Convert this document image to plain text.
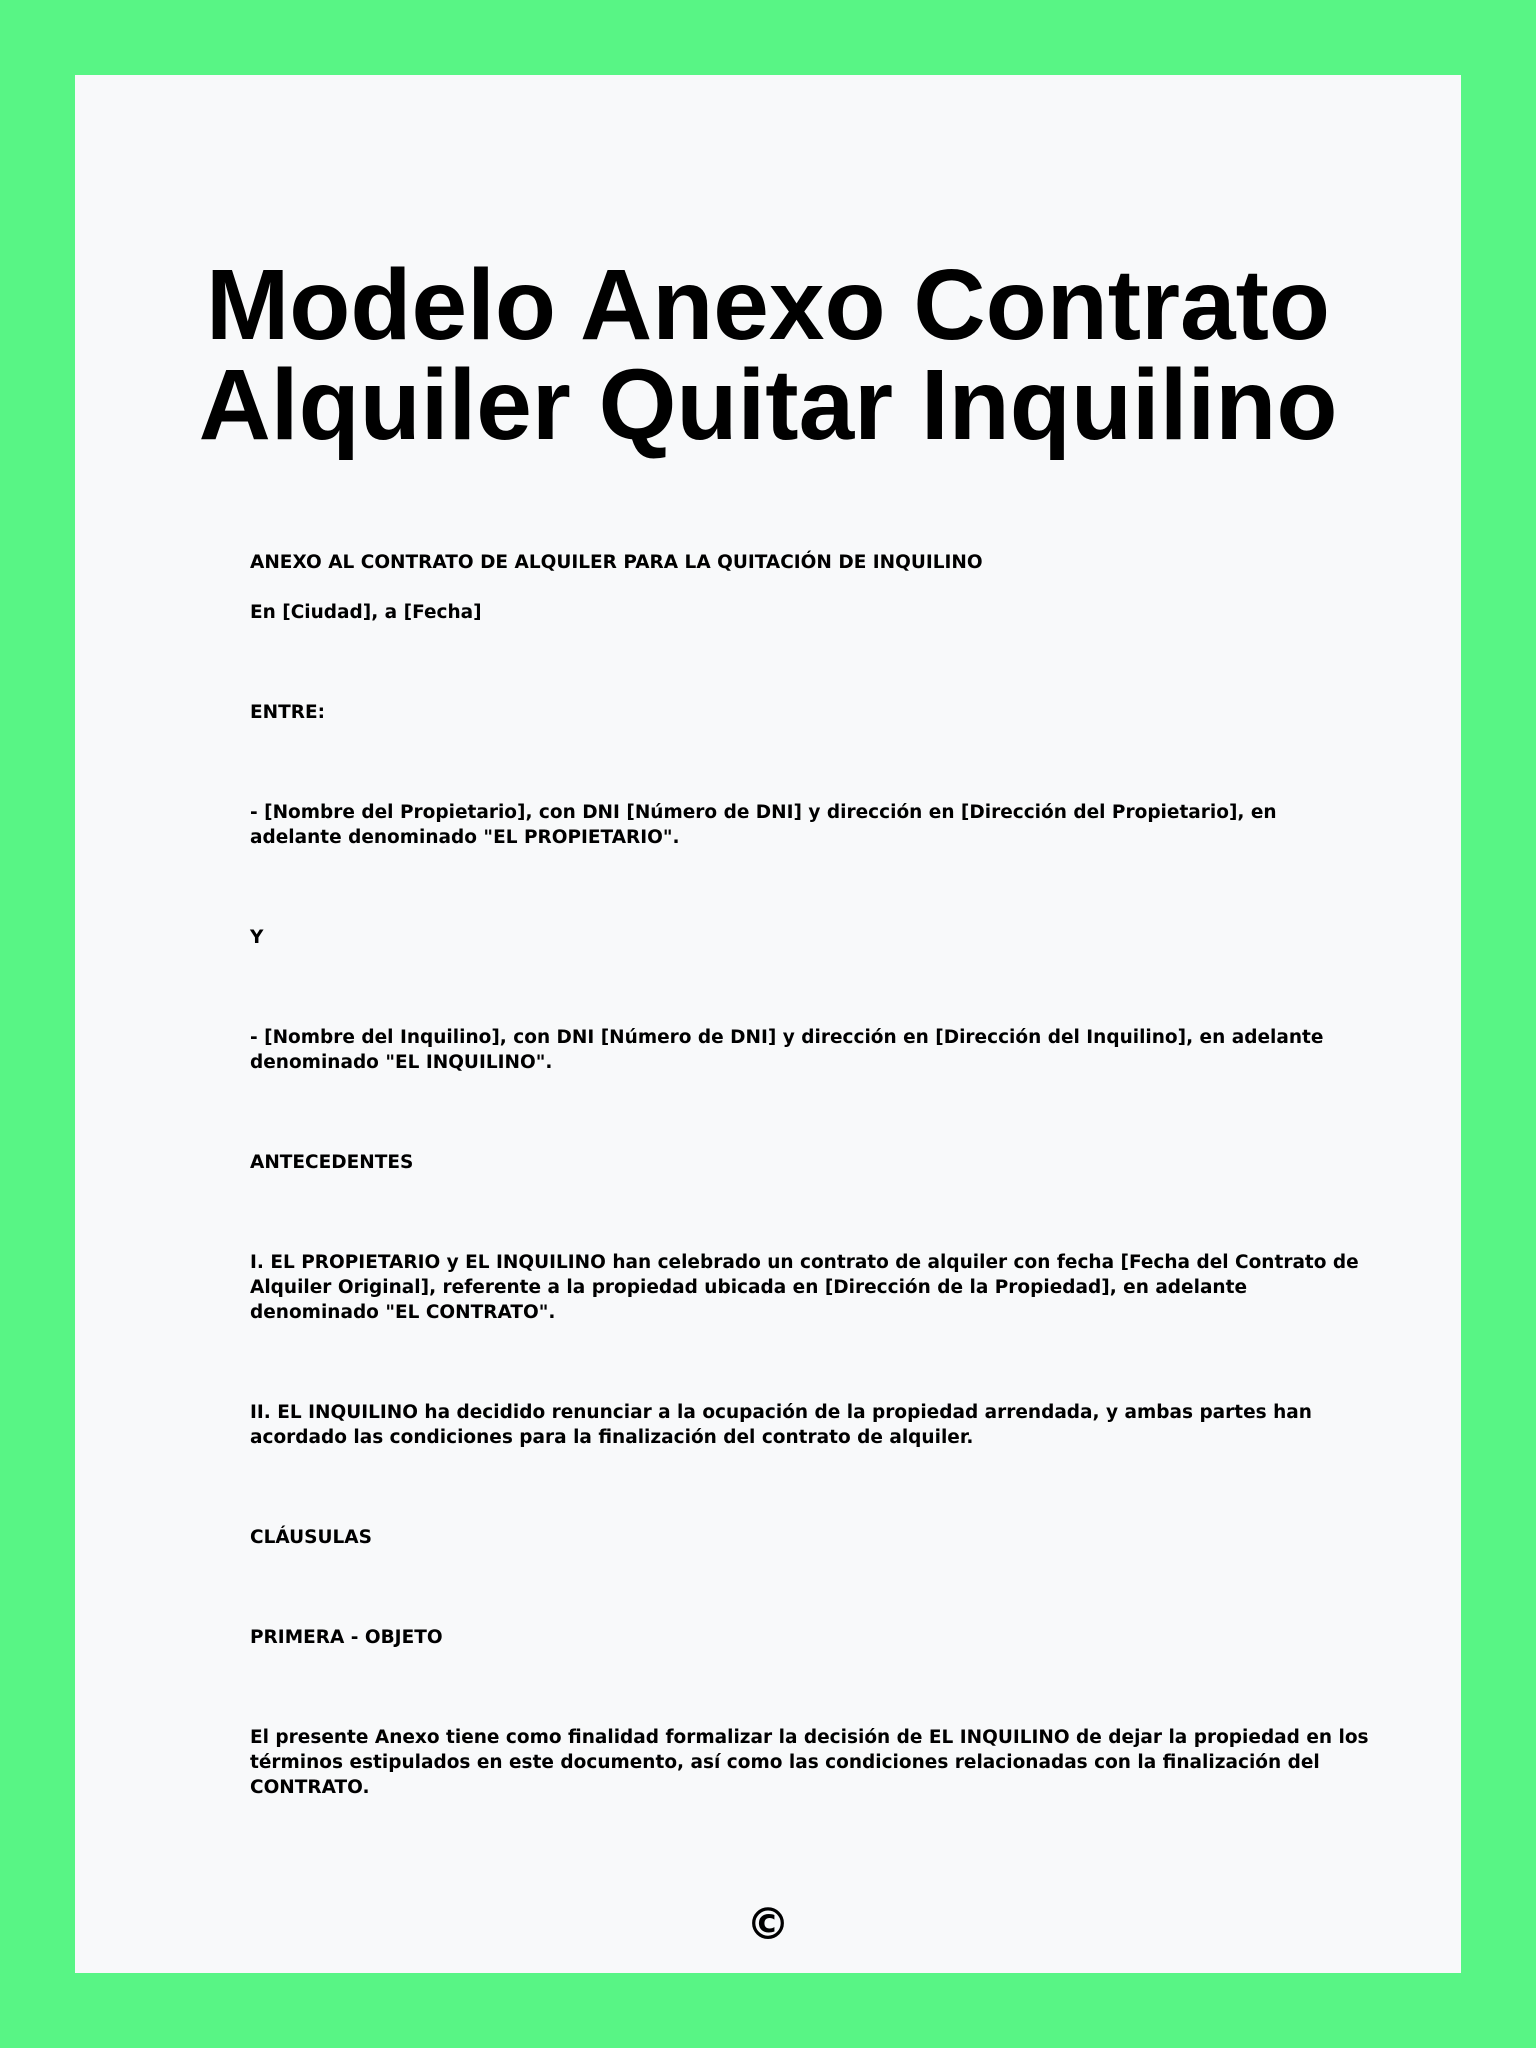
Modelo Anexo Contrato
Alquiler Quitar Inquilino

ANEXO AL CONTRATO DE ALQUILER PARA LA QUITACIÓN DE INQUILINO

En [Ciudad], a [Fecha]

ENTRE:

- [Nombre del Propietario], con DNI [Número de DNI] y dirección en [Dirección del Propietario], en adelante denominado "EL PROPIETARIO".

Y

- [Nombre del Inquilino], con DNI [Número de DNI] y dirección en [Dirección del Inquilino], en adelante denominado "EL INQUILINO".

ANTECEDENTES

I. EL PROPIETARIO y EL INQUILINO han celebrado un contrato de alquiler con fecha [Fecha del Contrato de Alquiler Original], referente a la propiedad ubicada en [Dirección de la Propiedad], en adelante denominado "EL CONTRATO".

II. EL INQUILINO ha decidido renunciar a la ocupación de la propiedad arrendada, y ambas partes han acordado las condiciones para la finalización del contrato de alquiler.

CLÁUSULAS

PRIMERA - OBJETO

El presente Anexo tiene como finalidad formalizar la decisión de EL INQUILINO de dejar la propiedad en los términos estipulados en este documento, así como las condiciones relacionadas con la finalización del CONTRATO.

©
